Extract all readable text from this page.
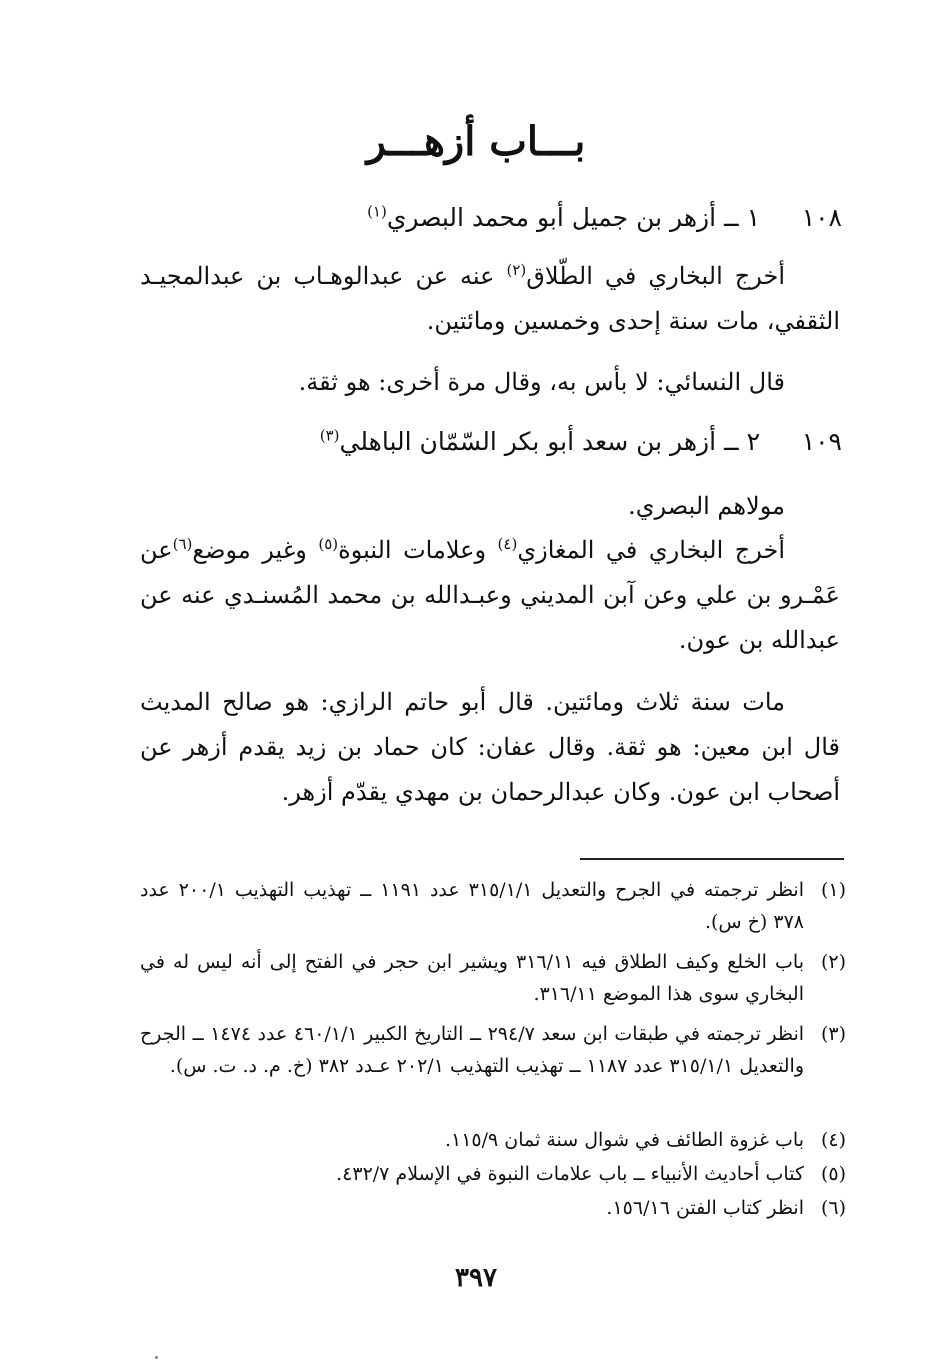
بـــاب أزهـــر
١٠٨
١ ــ أزهر بن جميل أبو محمد البصري$^{(١)}$

أخرج البخاري في الطّلاق$^{(٢)}$ عنه عن عبدالوهـاب بن عبدالمجيـد الثقفي، مات سنة إحدى وخمسين ومائتين.

قال النسائي: لا بأس به، وقال مرة أخرى: هو ثقة.

١٠٩
٢ ــ أزهر بن سعد أبو بكر السّمّان الباهلي$^{(٣)}$

مولاهم البصري.

أخرج البخاري في المغازي$^{(٤)}$ وعلامات النبوة$^{(٥)}$ وغير موضع$^{(٦)}$عن عَمْـرو بن علي وعن آبن المديني وعبـدالله بن محمد المُسنـدي عنه عن عبدالله بن عون.

مات سنة ثلاث ومائتين. قال أبو حاتم الرازي: هو صالح المديث قال ابن معين: هو ثقة. وقال عفان: كان حماد بن زيد يقدم أزهر عن أصحاب ابن عون. وكان عبدالرحمان بن مهدي يقدّم أزهر.

(١)
انظر ترجمته في الجرح والتعديل ٣١٥/١/١ عدد ١١٩١ ــ تهذيب التهذيب ٢٠٠/١ عدد ٣٧٨ (خ س).
(٢)
باب الخلع وكيف الطلاق فيه ٣١٦/١١ ويشير ابن حجر في الفتح إلى أنه ليس له في البخاري سوى هذا الموضع ٣١٦/١١.
(٣)
انظر ترجمته في طبقات ابن سعد ٢٩٤/٧ ــ التاريخ الكبير ٤٦٠/١/١ عدد ١٤٧٤ ــ الجرح والتعديل ٣١٥/١/١ عدد ١١٨٧ ــ تهذيب التهذيب ٢٠٢/١ عـدد ٣٨٢ (خ. م. د. ت. س).
(٤)
باب غزوة الطائف في شوال سنة ثمان ١١٥/٩.
(٥)
كتاب أحاديث الأنبياء ــ باب علامات النبوة في الإسلام ٤٣٢/٧.
(٦)
انظر كتاب الفتن ١٥٦/١٦.
٣٩٧
